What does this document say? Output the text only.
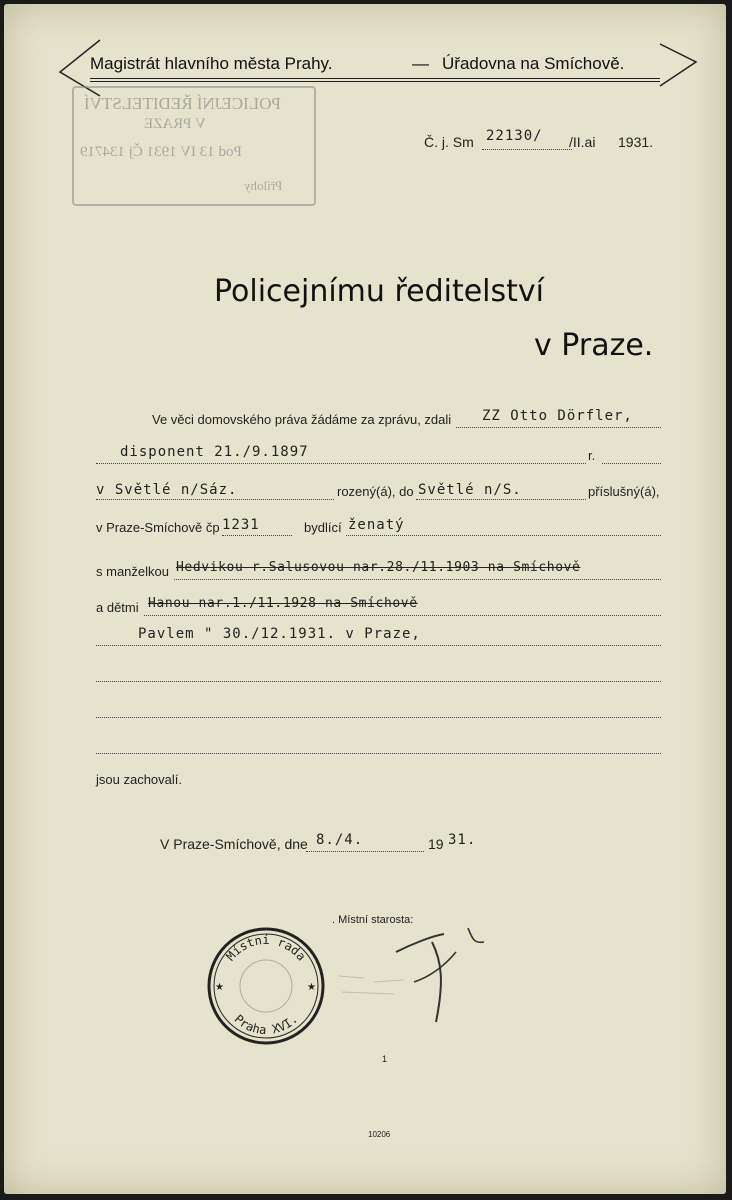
Magistrát hlavního města Prahy.	— Úřadovna na Smíchově.
POLICEJNÍ ŘEDITELSTVÍ
V PRAZE
Pod 13 IV 1931 Čj 134719
Přílohy
Č. j. Sm 22130/ /II.ai 1931.
Policejnímu ředitelství
v Praze.
Ve věci domovského práva žádáme za zprávu, zdali ZZ Otto Dörfler,
disponent 21./9.1897	r.
v Světlé n/Sáz.	rozený(á), do Světlé n/S.	příslušný(á),
v Praze-Smíchově čp 1231	bydlící ženatý
s manželkou Hedvikou r.Salusovou nar.28./11.1903 na Smíchově
a dětmi Hanou nar.1./11.1928 na Smíchově
Pavlem " 30./12.1931. v Praze,
jsou zachovalí.
V Praze-Smíchově, dne 8./4.	19 31.
. Místní starosta:
Místní rada
Praha XVI.
★	★
1
10206
